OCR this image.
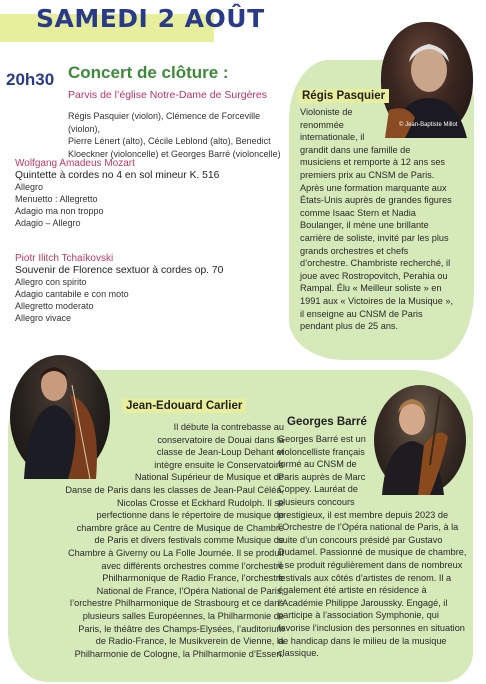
SAMEDI 2 AOÛT
20h30 Concert de clôture :
Parvis de l’église Notre-Dame de Surgères
Régis Pasquier (violon), Clémence de Forceville (violon),
Pierre Lénert (alto), Cécile Leblond (alto), Benedict
Kloeckner (violoncelle) et Georges Barré (violoncelle)
Wolfgang Amadeus Mozart
Quintette à cordes no 4 en sol mineur K. 516
Allegro
Menuetto : Allegretto
Adagio ma non troppo
Adagio – Allegro
Piotr Ilitch Tchaïkovski
Souvenir de Florence sextuor à cordes op. 70
Allegro con spirito
Adagio cantabile e con moto
Allegretto moderato
Allegro vivace
© Jean-Baptiste Millot
Régis Pasquier
Violoniste de
renommée
internationale, il
grandit dans une famille de
musiciens et remporte à 12 ans ses
premiers prix au CNSM de Paris.
Après une formation marquante aux
États-Unis auprès de grandes figures
comme Isaac Stern et Nadia
Boulanger, il mène une brillante
carrière de soliste, invité par les plus
grands orchestres et chefs
d’orchestre. Chambriste recherché, il
joue avec Rostropovitch, Perahia ou
Rampal. Élu « Meilleur soliste » en
1991 aux « Victoires de la Musique »,
il enseigne au CNSM de Paris
pendant plus de 25 ans.
Jean-Edouard Carlier
Il débute la contrebasse au
conservatoire de Douai dans la
classe de Jean-Loup Dehant et
intègre ensuite le Conservatoire
National Supérieur de Musique et de
Danse de Paris dans les classes de Jean-Paul Céléa,
Nicolas Crosse et Eckhard Rudolph. Il se
perfectionne dans le répertoire de musique de
chambre grâce au Centre de Musique de Chambre
de Paris et divers festivals comme Musique de
Chambre à Giverny ou La Folle Journée. Il se produit
avec différents orchestres comme l’orchestre
Philharmonique de Radio France, l’orchestre
National de France, l’Opéra National de Paris,
l’orchestre Philharmonique de Strasbourg et ce dans
plusieurs salles Européennes, la Philharmonie de
Paris, le théâtre des Champs-Elysées, l’auditorium
de Radio-France, le Musikverein de Vienne, la
Philharmonie de Cologne, la Philharmonie d’Essen.
Georges Barré
Georges Barré est un
violoncelliste français
formé au CNSM de
Paris auprès de Marc
Coppey. Lauréat de
plusieurs concours
prestigieux, il est membre depuis 2023 de
l’Orchestre de l’Opéra national de Paris, à la
suite d’un concours présidé par Gustavo
Dudamel. Passionné de musique de chambre,
il se produit régulièrement dans de nombreux
festivals aux côtés d’artistes de renom. Il a
également été artiste en résidence à
l’Académie Philippe Jaroussky. Engagé, il
participe à l’association Symphonie, qui
favorise l’inclusion des personnes en situation
de handicap dans le milieu de la musique
classique.
